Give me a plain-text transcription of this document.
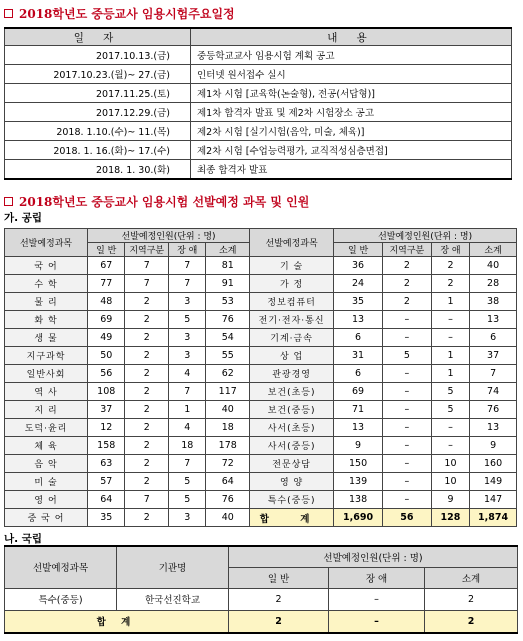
2018학년도 중등교사 임용시험주요일정
일 자	내 용
2017.10.13.(금)	중등학교교사 임용시험 계획 공고
2017.10.23.(월)~ 27.(금)	인터넷 원서접수 실시
2017.11.25.(토)	제1차 시험 [교육학(논술형), 전공(서답형)]
2017.12.29.(금)	제1차 합격자 발표 및 제2차 시험장소 공고
2018. 1.10.(수)~ 11.(목)	제2차 시험 [실기시험(음악, 미술, 체육)]
2018. 1. 16.(화)~ 17.(수)	제2차 시험 [수업능력평가, 교직적성심층면접]
2018. 1. 30.(화)	최종 합격자 발표
2018학년도 중등교사 임용시험 선발예정 과목 및 인원
가. 공립
선발예정과목	선발예정인원(단위 : 명)				선발예정과목	선발예정인원(단위 : 명)			
	일 반	지역구분	장 애	소계		일 반	지역구분	장 애	소계
국 어	67	7	7	81	기 술	36	2	2	40
수 학	77	7	7	91	가 정	24	2	2	28
물 리	48	2	3	53	정보컴퓨터	35	2	1	38
화 학	69	2	5	76	전기·전자·통신	13	–	–	13
생 물	49	2	3	54	기계·금속	6	–	–	6
지구과학	50	2	3	55	상 업	31	5	1	37
일반사회	56	2	4	62	관광경영	6	–	1	7
역 사	108	2	7	117	보건(초등)	69	–	5	74
지 리	37	2	1	40	보건(중등)	71	–	5	76
도덕·윤리	12	2	4	18	사서(초등)	13	–	–	13
체 육	158	2	18	178	사서(중등)	9	–	–	9
음 악	63	2	7	72	전문상담	150	–	10	160
미 술	57	2	5	64	영 양	139	–	10	149
영 어	64	7	5	76	특수(중등)	138	–	9	147
중 국 어	35	2	3	40	합 계	1,690	56	128	1,874
나. 국립
선발예정과목	기관명	선발예정인원(단위 : 명)		
		일 반	장 애	소계
특수(중등)	한국선진학교	2	–	2
합 계		2	–	2
